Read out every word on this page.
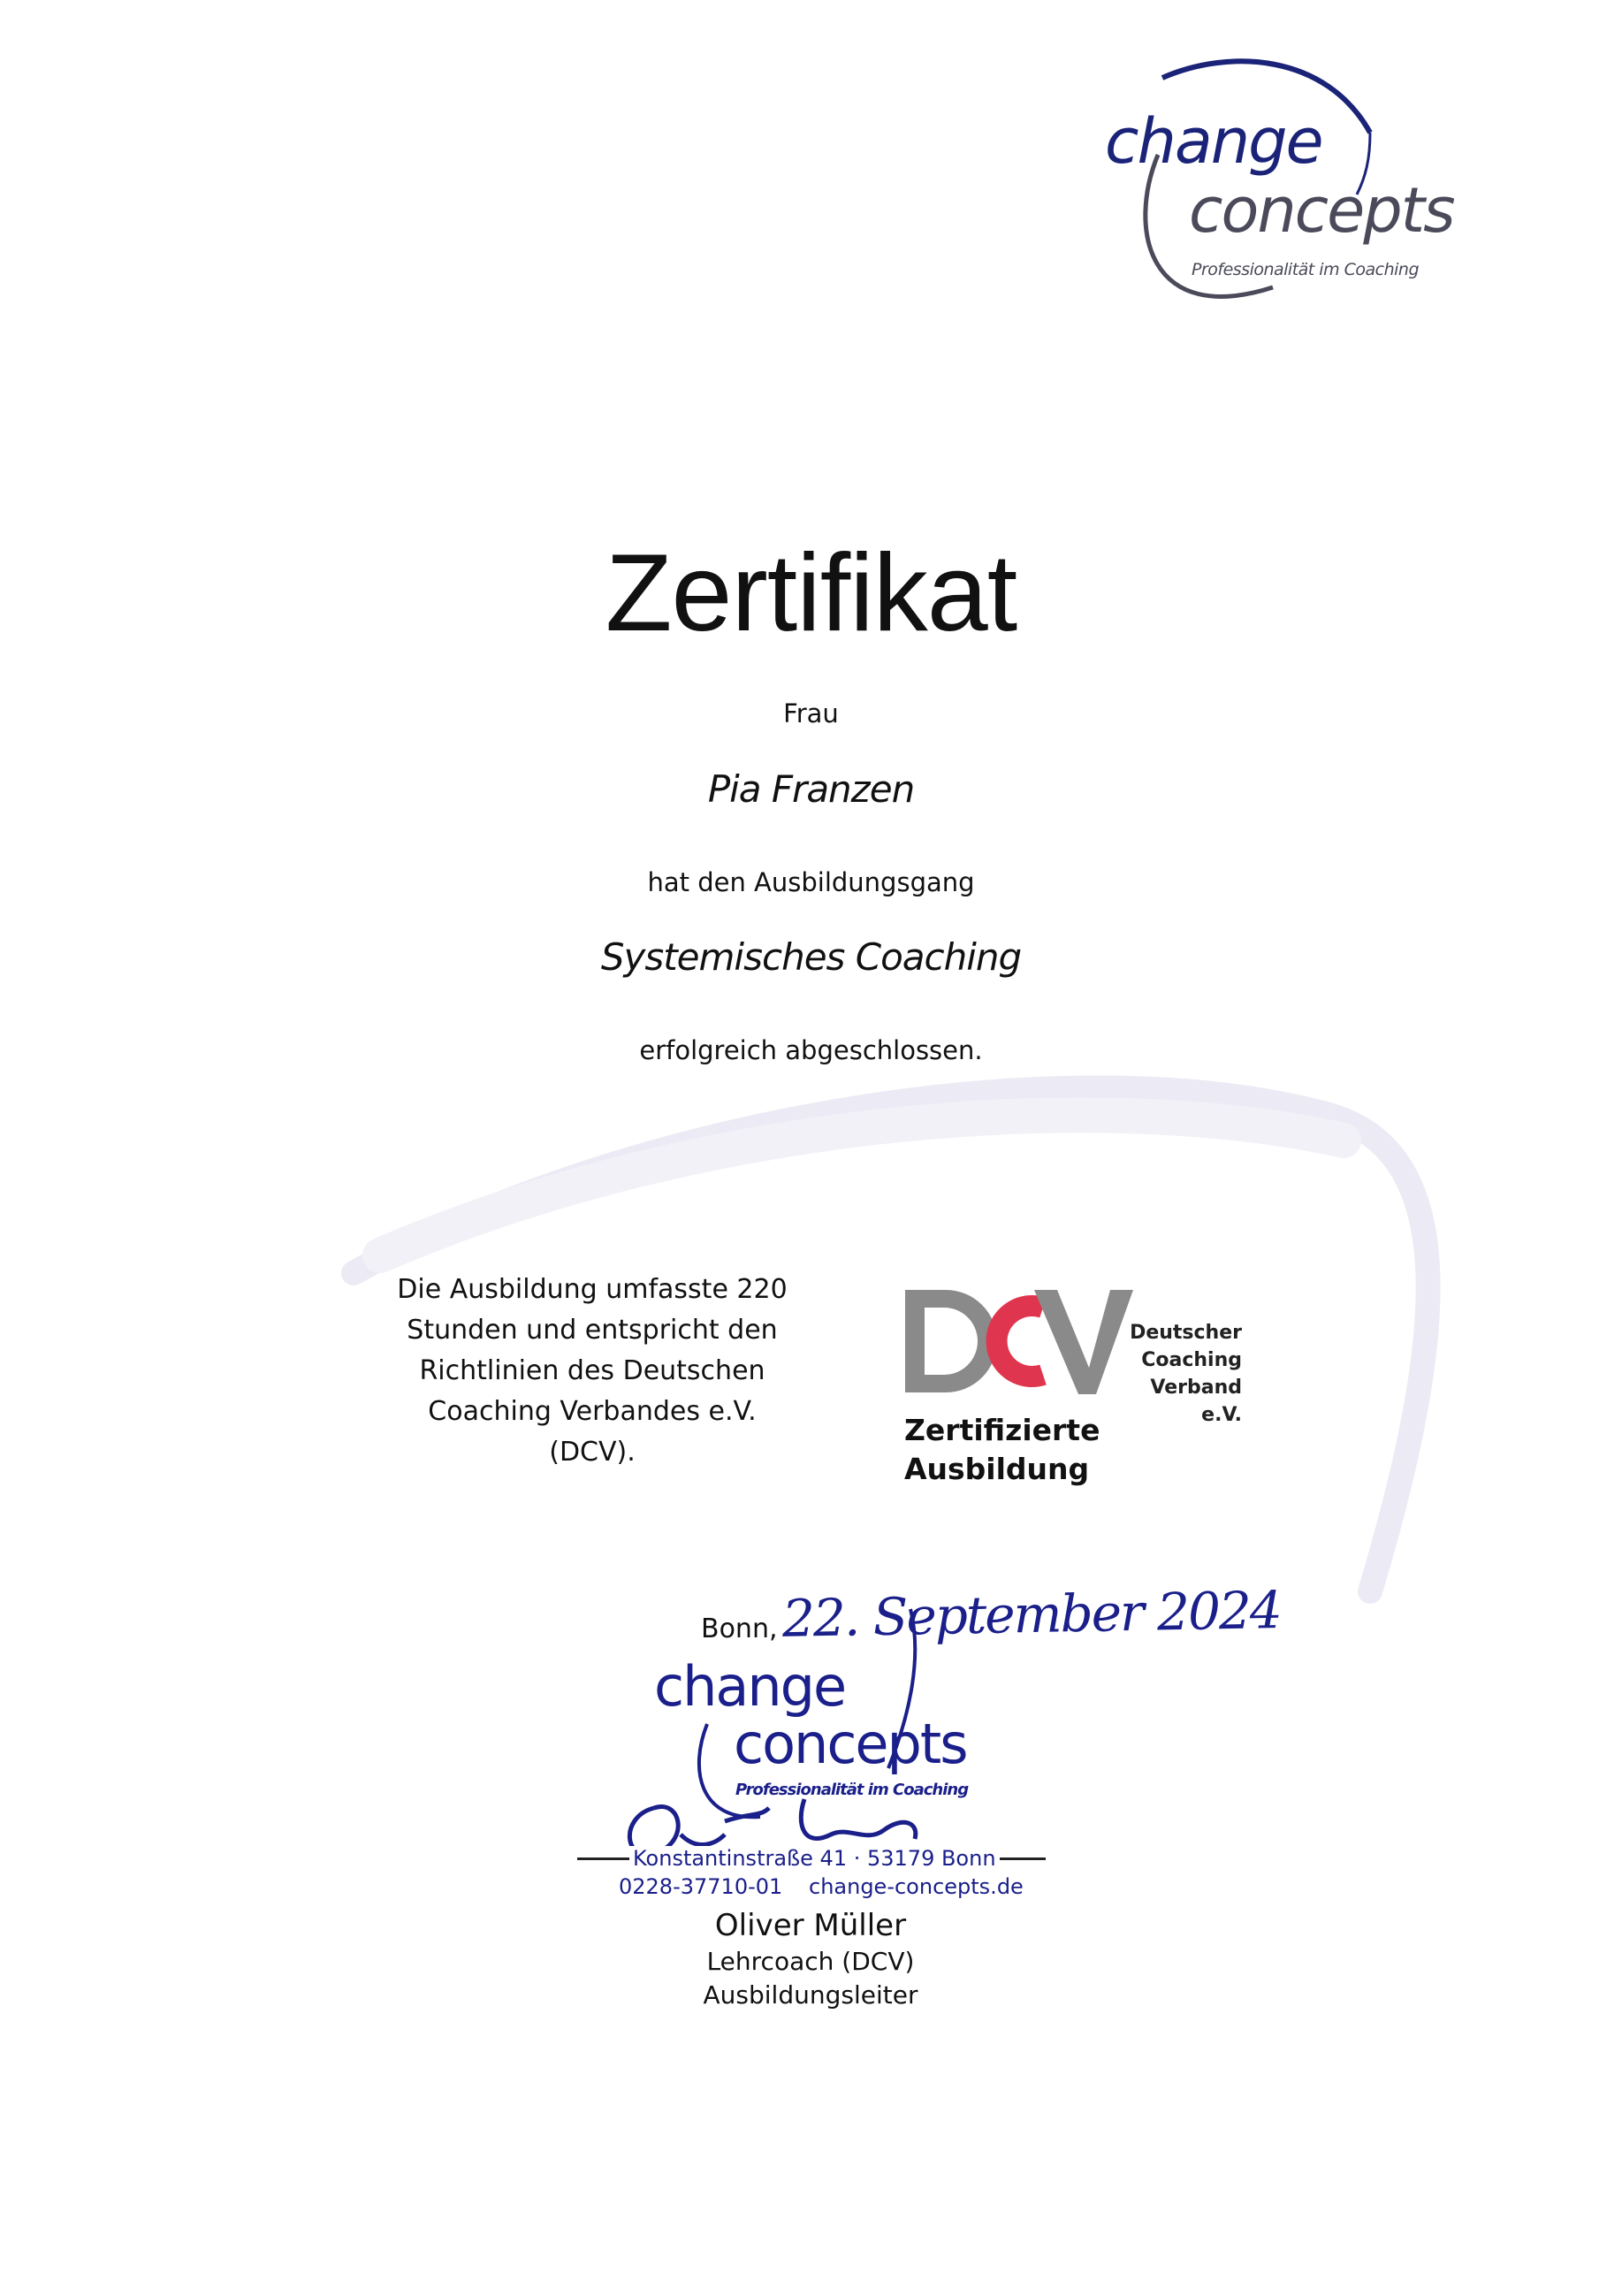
change
concepts
Professionalität im Coaching
Zertifikat
Frau
Pia Franzen
hat den Ausbildungsgang
Systemisches Coaching
erfolgreich abgeschlossen.
Die Ausbildung umfasste 220
Stunden und entspricht den
Richtlinien des Deutschen
Coaching Verbandes e.V.
(DCV).
Deutscher
Coaching
Verband e.V.
Zertifizierte
Ausbildung
Bonn, 22. September 2024
change
concepts
Professionalität im Coaching
Konstantinstraße 41 · 53179 Bonn
0228-37710-01 change-concepts.de
Oliver Müller
Lehrcoach (DCV)
Ausbildungsleiter
